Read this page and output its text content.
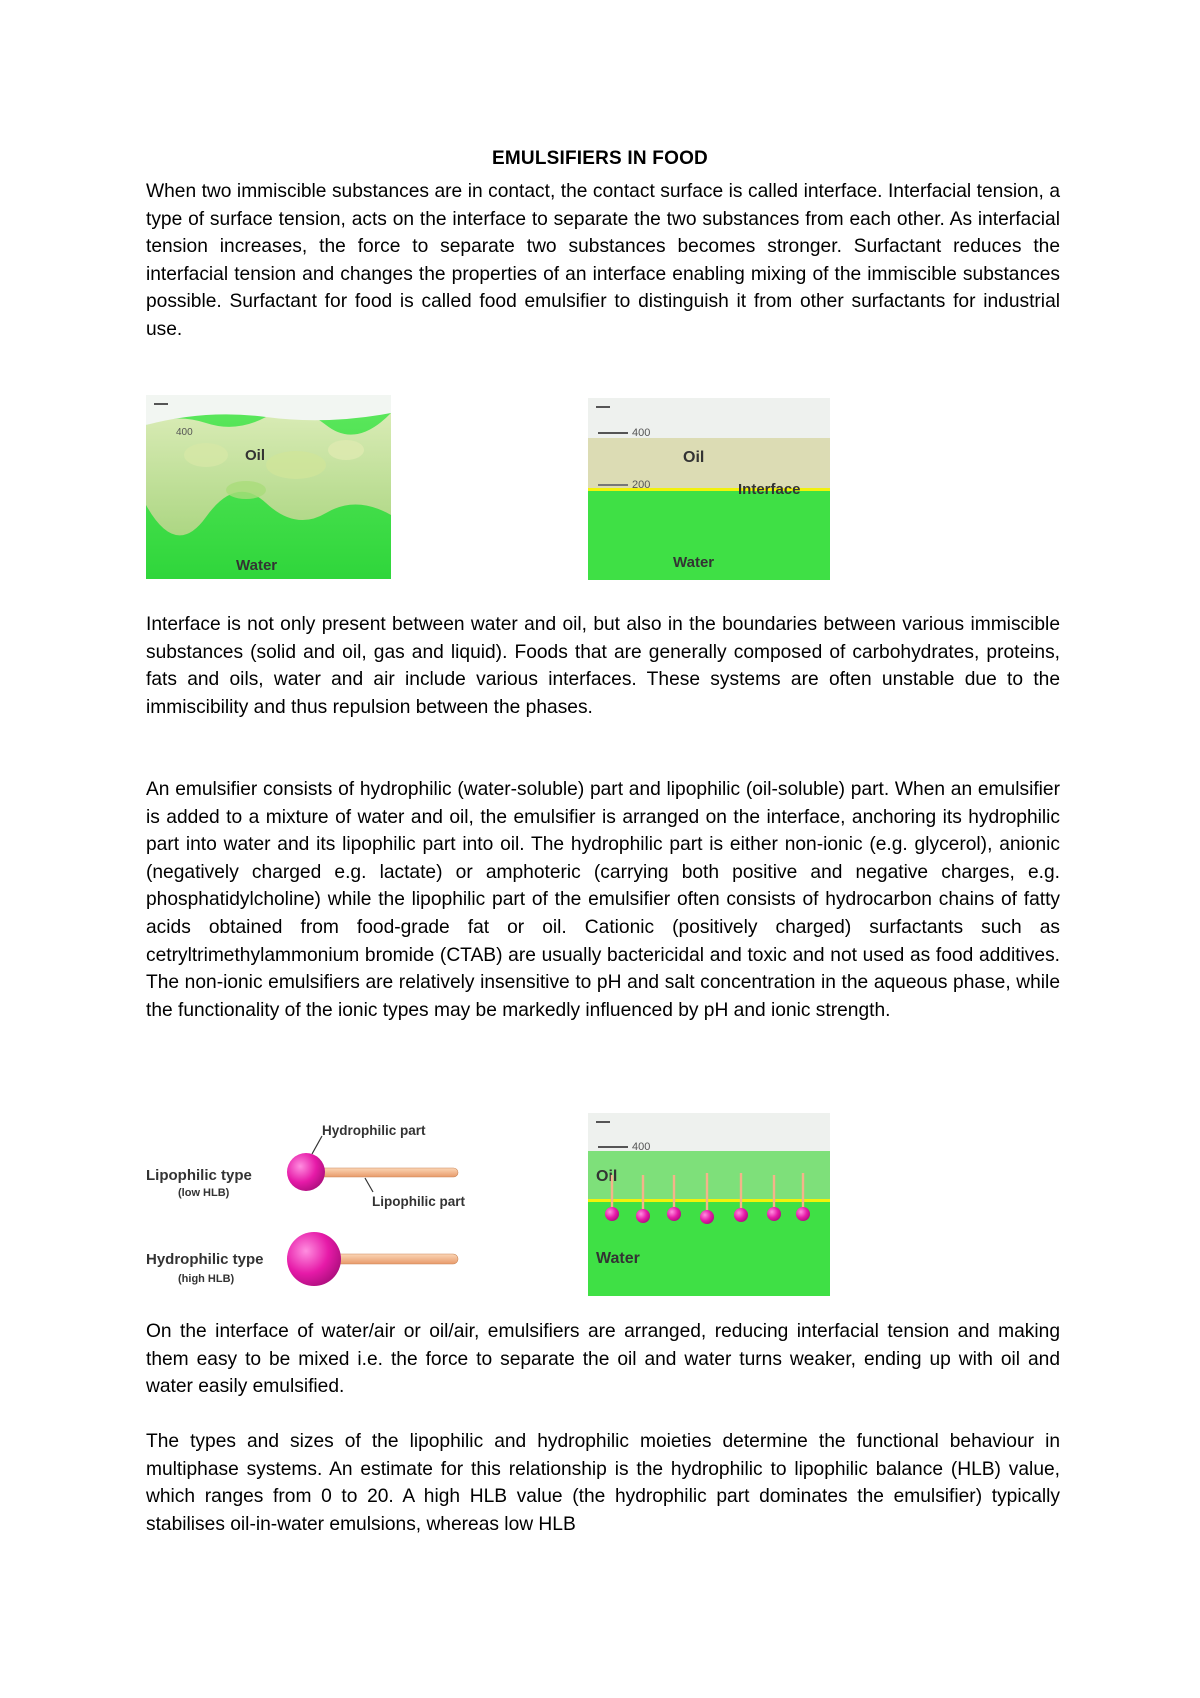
EMULSIFIERS IN FOOD

When two immiscible substances are in contact, the contact surface is called interface. Interfacial tension, a type of surface tension, acts on the interface to separate the two substances from each other. As interfacial tension increases, the force to separate two substances becomes stronger. Surfactant reduces the interfacial tension and changes the properties of an interface enabling mixing of the immiscible substances possible. Surfactant for food is called food emulsifier to distinguish it from other surfactants for industrial use.

400
Oil
Water
400
200
Oil
Interface
Water

Interface is not only present between water and oil, but also in the boundaries between various immiscible substances (solid and oil, gas and liquid). Foods that are generally composed of carbohydrates, proteins, fats and oils, water and air include various interfaces. These systems are often unstable due to the immiscibility and thus repulsion between the phases.

An emulsifier consists of hydrophilic (water-soluble) part and lipophilic (oil-soluble) part. When an emulsifier is added to a mixture of water and oil, the emulsifier is arranged on the interface, anchoring its hydrophilic part into water and its lipophilic part into oil. The hydrophilic part is either non-ionic (e.g. glycerol), anionic (negatively charged e.g. lactate) or amphoteric (carrying both positive and negative charges, e.g. phosphatidylcholine) while the lipophilic part of the emulsifier often consists of hydrocarbon chains of fatty acids obtained from food-grade fat or oil. Cationic (positively charged) surfactants such as cetryltrimethylammonium bromide (CTAB) are usually bactericidal and toxic and not used as food additives. The non-ionic emulsifiers are relatively insensitive to pH and salt concentration in the aqueous phase, while the functionality of the ionic types may be markedly influenced by pH and ionic strength.

Hydrophilic part
Lipophilic part
Lipophilic type
(low HLB)
Hydrophilic type
(high HLB)
400
Oil
Water

On the interface of water/air or oil/air, emulsifiers are arranged, reducing interfacial tension and making them easy to be mixed i.e. the force to separate the oil and water turns weaker, ending up with oil and water easily emulsified.

The types and sizes of the lipophilic and hydrophilic moieties determine the functional behaviour in multiphase systems. An estimate for this relationship is the hydrophilic to lipophilic balance (HLB) value, which ranges from 0 to 20. A high HLB value (the hydrophilic part dominates the emulsifier) typically stabilises oil-in-water emulsions, whereas low HLB
